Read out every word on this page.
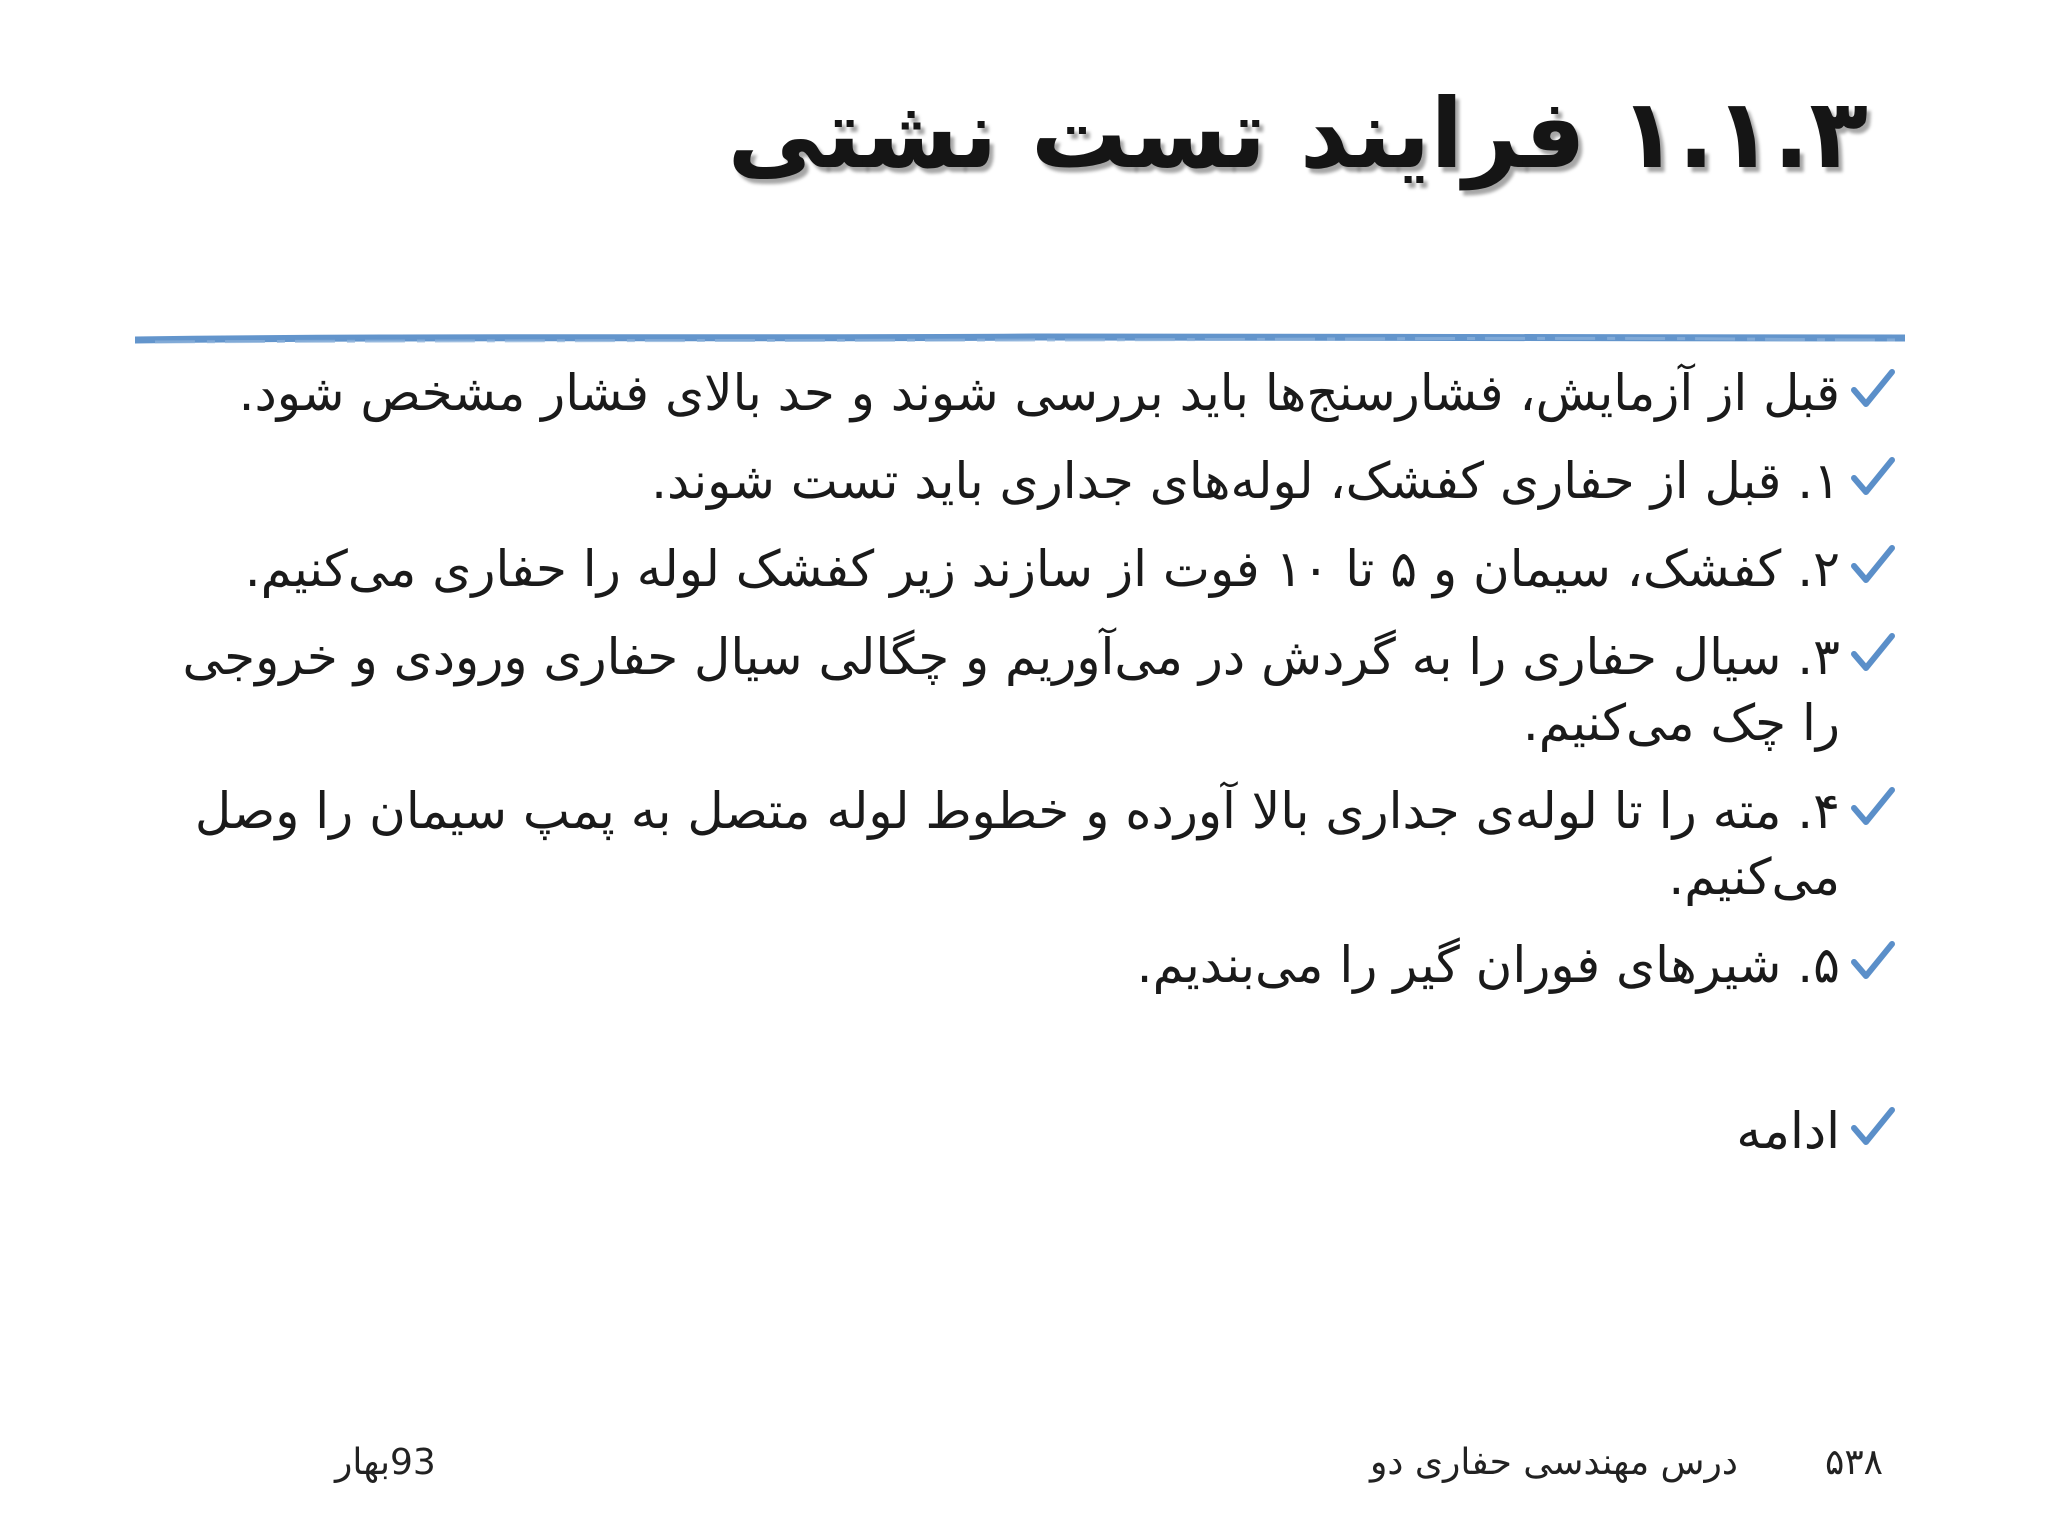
۱.۱.۳ فرایند تست نشتی
قبل از آزمایش، فشارسنج‌ها باید بررسی شوند و حد بالای فشار مشخص شود.
۱. قبل از حفاری کفشک، لوله‌های جداری باید تست شوند.
۲. کفشک، سیمان و ۵ تا ۱۰ فوت از سازند زیر کفشک لوله را حفاری می‌کنیم.
۳. سیال حفاری را به گردش در می‌آوریم و چگالی سیال حفاری ورودی و خروجی را چک می‌کنیم.
۴. مته را تا لوله‌ی جداری بالا آورده و خطوط لوله متصل به پمپ سیمان را وصل می‌کنیم.
۵. شیرهای فوران گیر را می‌بندیم.
ادامه
93بهار	درس مهندسی حفاری دو ۵۳۸
